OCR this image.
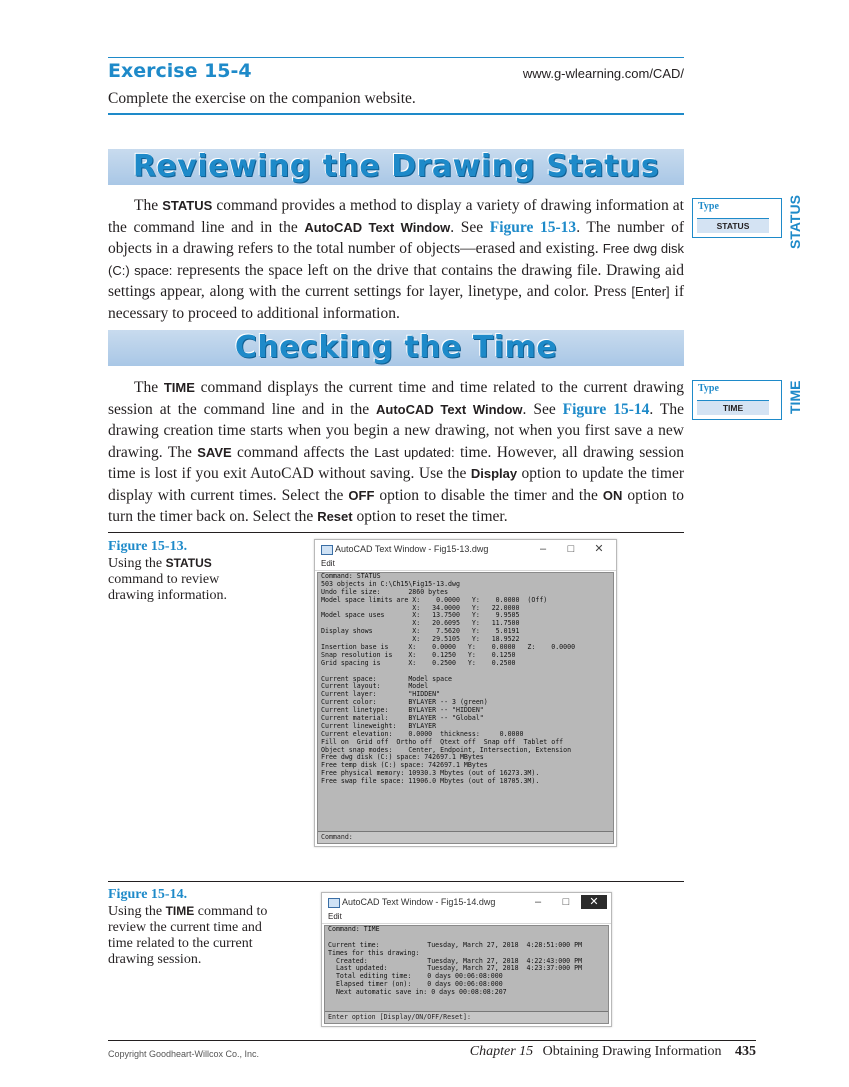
Exercise 15-4	www.g-wlearning.com/CAD/
Complete the exercise on the companion website.
Reviewing the Drawing Status

The STATUS command provides a method to display a variety of drawing information at the command line and in the AutoCAD Text Window. See Figure 15-13. The number of objects in a drawing refers to the total number of objects—erased and existing. Free dwg disk (C:) space: represents the space left on the drive that contains the drawing file. Drawing aid settings appear, along with the current settings for layer, linetype, and color. Press [Enter] if necessary to proceed to additional information.

Type
STATUS	STATUS
Checking the Time

The TIME command displays the current time and time related to the current drawing session at the command line and in the AutoCAD Text Window. See Figure 15-14. The drawing creation time starts when you begin a new drawing, not when you first save a new drawing. The SAVE command affects the Last updated: time. However, all drawing session time is lost if you exit AutoCAD without saving. Use the Display option to update the timer display with current times. Select the OFF option to disable the timer and the ON option to turn the timer back on. Select the Reset option to reset the timer.

Type
TIME	TIME
Figure 15-13.
Using the STATUS command to review drawing information.
AutoCAD Text Window - Fig15-13.dwg	–	□	✕
Edit
Command: STATUS
503 objects in C:\Ch15\Fig15-13.dwg
Undo file size:       2860 bytes
Model space limits are X:    0.0000   Y:    0.0000  (Off)
X:   34.0000   Y:   22.0000
Model space uses       X:   13.7500   Y:    9.9505
X:   20.6095   Y:   11.7500
Display shows          X:    7.5620   Y:    5.0191
X:   29.5105   Y:   18.9522
Insertion base is     X:    0.0000   Y:    0.0000   Z:    0.0000
Snap resolution is    X:    0.1250   Y:    0.1250
Grid spacing is       X:    0.2500   Y:    0.2500
Current space:        Model space
Current layout:       Model
Current layer:        "HIDDEN"
Current color:        BYLAYER -- 3 (green)
Current linetype:     BYLAYER -- "HIDDEN"
Current material:     BYLAYER -- "Global"
Current lineweight:   BYLAYER
Current elevation:    0.0000  thickness:     0.0000
Fill on  Grid off  Ortho off  Qtext off  Snap off  Tablet off
Object snap modes:    Center, Endpoint, Intersection, Extension
Free dwg disk (C:) space: 742697.1 MBytes
Free temp disk (C:) space: 742697.1 MBytes
Free physical memory: 10930.3 Mbytes (out of 16273.3M).
Free swap file space: 11906.0 Mbytes (out of 18705.3M).
Command:
Figure 15-14.
Using the TIME command to review the current time and time related to the current drawing session.
AutoCAD Text Window - Fig15-14.dwg	–	□	✕
Edit
Command: TIME
Current time:            Tuesday, March 27, 2018  4:28:51:000 PM
Times for this drawing:
Created:               Tuesday, March 27, 2018  4:22:43:000 PM
Last updated:          Tuesday, March 27, 2018  4:23:37:000 PM
Total editing time:    0 days 00:06:08:000
Elapsed timer (on):    0 days 00:06:08:000
Next automatic save in: 0 days 00:08:08:207
Enter option [Display/ON/OFF/Reset]:
Copyright Goodheart-Willcox Co., Inc.	Chapter 15 Obtaining Drawing Information 435
